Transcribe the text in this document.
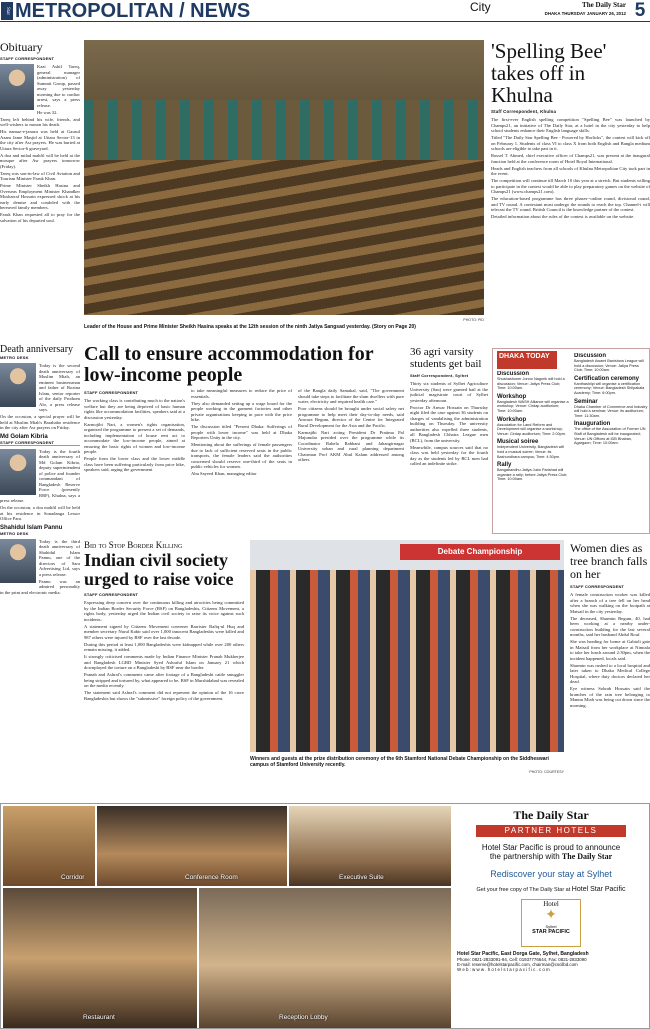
Star METROPOLITAN / NEWS	City	The Daily Star
DHAKA THURSDAY JANUARY 26, 2012 5
Obituary
STAFF CORRESPONDENT

Kazi Ashif Tareq, general manager (administration) of Summit Group, passed away yesterday morning due to cardiac arrest, says a press release.

He was 32.

Tareq left behind his wife, friends, and well-wishers to mourn his death.

His namaz-e-janaza was held at Gausul Azam Jame Masjid at Uttara Sector-13 in the city after Asr prayers. He was buried at Uttara Sector-6 graveyard.

A doa and milad mahfil will be held at the mosque after Asr prayers tomorrow (Friday).

Tareq was son-in-law of Civil Aviation and Tourism Minister Faruk Khan.

Prime Minister Sheikh Hasina and Overseas Employment Minister Khandker Mosharraf Hossain expressed shock at his early demise and condoled with the bereaved family members.

Faruk Khan requested all to pray for the salvation of his departed soul.

Death anniversary
METRO DESK

Today is the second death anniversary of Muslim Miah, an eminent businessman and father of Rozina Islam, senior reporter of the daily Prothom Alo, a press release says.

On the occasion, a special prayer will be held at Muslim Miah's Barahabo residence in the city after Asr prayers on Friday.

Md Golam Kibria
STAFF CORRESPONDENT

Today is the fourth death anniversary of Md Golam Kibria, deputy superintendent of police and founder commandant of Bangladesh Reserve Force (presently RRF), Khulna, says a press release.

On the occasion, a doa mahfil will be held at his residence in Sonadanga Lessor Office Para.

Shahidul Islam Pannu
METRO DESK

Today is the third death anniversary of Shahidul Islam Pannu, one of the directors of Sara Advertising Ltd, says a press release.

Pannu was an admired personality in the print and electronic media.

Leader of the House and Prime Minister Sheikh Hasina speaks at the 12th session of the ninth Jatiya Sangsad yesterday. (Story on Page 20)
PHOTO: PID
'Spelling Bee' takes off in Khulna
Staff Correspondent, Khulna

The first-ever English spelling competition "Spelling Bee" was launched by Champs21, an initiative of The Daily Star, at a hotel in the city yesterday to help school students enhance their English language skills.

Titled "The Daily Star Spelling Bee - Powered by Horlicks", the contest will kick off on February 1. Students of class VI to class X from both English and Bangla medium schools are eligible to take part in it.

Russel T. Ahmed, chief executive officer of Champs21, was present at the inaugural function held at the conference room of Hotel Royal International.

Heads and English teachers from all schools of Khulna Metropolitan City took part in the event.

The competition will continue till March 10 this year at a stretch. But students willing to participate in the contest would be able to play preparatory games on the website of Champs21 (www.champs21.com).

The education-based programme has three phases--online round, divisional round, and TV round. A contestant must undergo the rounds to reach the top. Channel-i will telecast the TV round. British Council is the knowledge partner of the contest.

Detailed information about the rules of the contest is available on the website.

Call to ensure accommodation for low-income people
STAFF CORRESPONDENT

The working class is contributing much to the nation's welfare but they are being deprived of basic human rights like accommodation facilities, speakers said at a discussion yesterday.

Karmojibi Nari, a women's rights organisation, organised the programme to present a set of demands, including implementation of house rent act to accommodate the low-income people, aimed at ensuring the basic rights of women and low-income people.

People from the lower class and the lower middle class have been suffering particularly from price hike, speakers said, urging the government

to take meaningful measures to reduce the price of essentials.

They also demanded setting up a wage board for the people working in the garment factories and other private organisations keeping in pace with the price hike.

The discussion titled "Present Dhaka: Sufferings of people with lower income" was held at Dhaka Reporters Unity in the city.

Mentioning about the sufferings of female passengers due to lack of sufficient reserved seats in the public transports, the female leaders said the authorities concerned should reserve one-third of the seats in public vehicles for women.

Abu Sayeed Khan, managing editor

of the Bangla daily Samakal, said, "The government should take steps to facilitate the slum dwellers with pure water, electricity and required health care."

Poor citizens should be brought under social safety net programme to help meet their day-to-day needs, said Anwara Begum, director of the Centre for Integrated Rural Development for the Asia and the Pacific.

Karmajibi Nari acting President Dr Pratima Pal Majumdar presided over the programme while its Coordinator Rahela Rabbani and Jahangirnagar University urban and rural planning department Chairman Prof AKM Abul Kalam addressed among others.

36 agri varsity students get bail
Staff Correspondent, Sylhet

Thirty six students of Sylhet Agriculture University (Sau) were granted bail at the judicial magistrate court of Sylhet yesterday afternoon.

Proctor Dr Anwar Hossain on Thursday night filed the case against 36 students on charges of vandalising the administration building on Thursday. The university authorities also expelled three students, all Bangladesh Chhatra League men (BCL), from the university.

Meanwhile, campus sources said that no class was held yesterday for the fourth day as the students led by BCL men had called an indefinite strike.

DHAKA TODAY
Discussion
Shushashoner Jonno Nagorik will hold a discussion; Venue: Jatiya Press Club; Time: 10:00am.
Workshop
Bangladesh WASH Alliance will organise a workshop; Venue: Cirdap auditorium; Time: 10:00am.
Workshop
Association for Land Reform and Development will organise a workshop; Venue: Cirdap auditorium; Time: 2:00pm.
Musical soiree
Independent University, Bangladesh will hold a musical soiree; Venue: its Bashundhara campus; Time: 4:30pm.
Rally
Bangabandhu Jatiya Jubo Parishad will organise a rally; before Jatiya Press Club; Time: 10:00am.
Discussion
Bangladesh Awami Banishwa League will hold a discussion; Venue: Jatiya Press Club; Time: 10:00am.
Certification ceremony
Kanthashilpi will organise a certification ceremony; Venue: Bangladesh Shilpakala Academy; Time: 6:00pm.
Seminar
Dhaka Chamber of Commerce and Industry will hold a seminar; Venue: its auditorium; Time: 11:30am.
Inauguration
The office of the Association of Former UN Staff of Bangladesh will be inaugurated; Venue: UN Offices at IDB Bhaban, Agargaon; Time: 10:00am.
Bid to Stop Border Killing
Indian civil society urged to raise voice
STAFF CORRESPONDENT

Expressing deep concern over the continuous killing and atrocities being committed by the Indian Border Security Force (BSF) on Bangladeshis, Citizens Movement, a rights body, yesterday urged the Indian civil society to raise its voice against such incidents.

A statement signed by Citizens Movement convener Barrister Rafiq-ul Huq and member secretary Nurul Kabir said over 1,000 innocent Bangladeshis were killed and 987 others were injured by BSF over the last decade.

During this period at least 1,000 Bangladeshis were kidnapped while over 200 others remain missing, it added.

It strongly criticised comments made by Indian Finance Minister Pranab Mukherjee and Bangladesh LGRD Minister Syed Ashraful Islam on January 21 which downplayed the torture on a Bangladeshi by BSF near the border.

Pranab and Ashraf's comments came after footage of a Bangladeshi cattle smuggler being stripped and tortured by, what appeared to be, BSF in Murshidabad was revealed on the media recently.

The statement said Ashraf's comment did not represent the opinion of the 16 crore Bangladeshis but shows the "submissive" foreign policy of the government.

Debate Championship
Winners and guests at the prize distribution ceremony of the 6th Stamford National Debate Championship on the Siddheswari campus of Stamford University recently.
PHOTO: COURTESY
Women dies as tree branch falls on her
STAFF CORRESPONDENT

A female construction worker was killed after a branch of a tree fell on her head when she was walking on the footpath at Matsail in the city yesterday.

The deceased, Sharmin Begum, 40, had been working at a nearby under-construction building for the last several months, said her husband Abdul Rouf.

She was heading for home at Gabtoli gate in Matsail from her workplace at Nimtala to take her lunch around 2:30pm, when the incident happened, locals said.

Sharmin was rushed to a local hospital and later taken to Dhaka Medical College Hospital, where duty doctors declared her dead.

Eye witness Sohrab Hossain said the branches of the rain tree belonging to Mannu Miah was being cut down since the morning.

Corridor	Conference Room	Executive Suite
Restaurant	Reception Lobby
The Daily Star
PARTNER HOTELS
Hotel Star Pacific is proud to announce
the partnership with The Daily Star
Rediscover your stay at Sylhet
Get your free copy of The Daily Star at Hotel Star Pacific
Hotel
✦
Sylhet
STAR PACIFIC
Hotel Star Pacific, East Dorga Gate, Sylhet, Bangladesh
Phone: 0821-2833091-94, Cell: 01937776644, Fax: 0821-2833090
E-mail: reserve@hotelstarpacific.com, chairman@cscilbd.com
W e b : w w w . h o t e l s t a r p a c i f i c . c o m
